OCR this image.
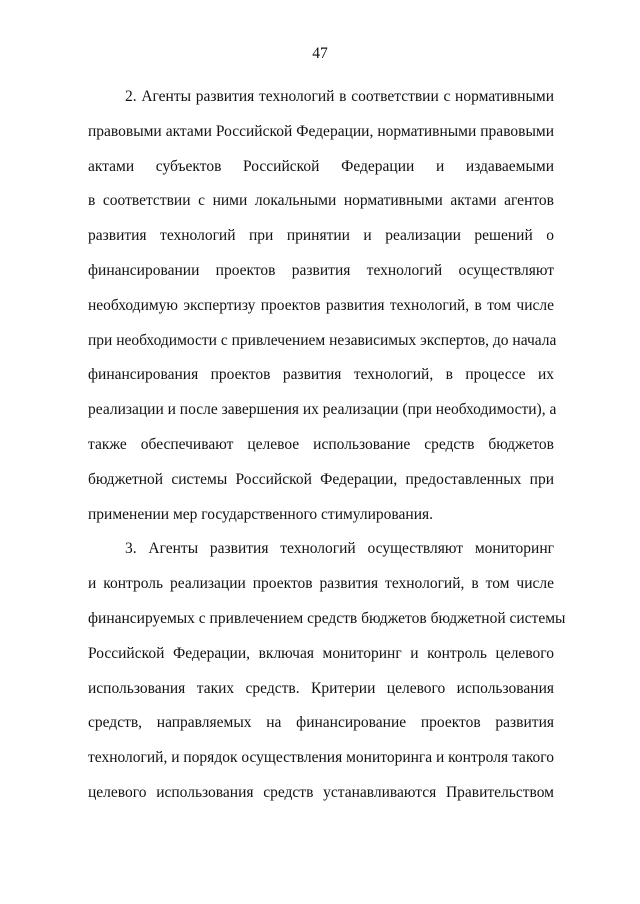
47

2. Агенты развития технологий в соответствии с нормативными
правовыми актами Российской Федерации, нормативными правовыми
актами субъектов Российской Федерации и издаваемыми
в соответствии с ними локальными нормативными актами агентов
развития технологий при принятии и реализации решений о
финансировании проектов развития технологий осуществляют
необходимую экспертизу проектов развития технологий, в том числе
при необходимости с привлечением независимых экспертов, до начала
финансирования проектов развития технологий, в процессе их
реализации и после завершения их реализации (при необходимости), а
также обеспечивают целевое использование средств бюджетов
бюджетной системы Российской Федерации, предоставленных при
применении мер государственного стимулирования.

3. Агенты развития технологий осуществляют мониторинг
и контроль реализации проектов развития технологий, в том числе
финансируемых с привлечением средств бюджетов бюджетной системы
Российской Федерации, включая мониторинг и контроль целевого
использования таких средств. Критерии целевого использования
средств, направляемых на финансирование проектов развития
технологий, и порядок осуществления мониторинга и контроля такого
целевого использования средств устанавливаются Правительством
